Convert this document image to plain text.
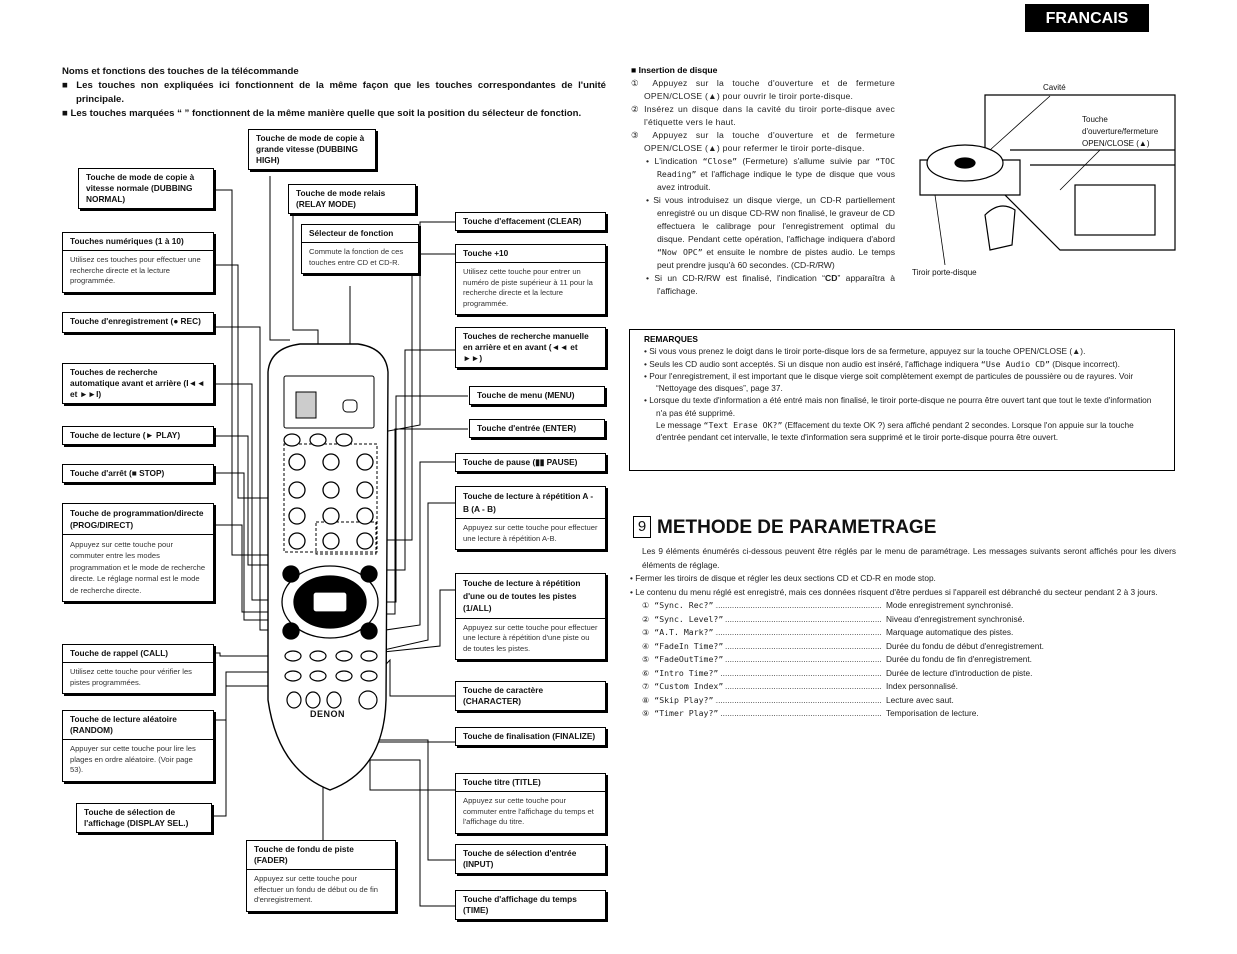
FRANCAIS
Noms et fonctions des touches de la télécommande
■ Les touches non expliquées ici fonctionnent de la même façon que les touches correspondantes de l'unité principale.
■ Les touches marquées “ ” fonctionnent de la même manière quelle que soit la position du sélecteur de fonction.
DENON
Touche de mode de copie à vitesse normale (DUBBING NORMAL)
Touches numériques (1 à 10)
Utilisez ces touches pour effectuer une recherche directe et la lecture programmée.
Touche d'enregistrement (● REC)
Touches de recherche automatique avant et arrière (I◄◄ et ►►I)
Touche de lecture (► PLAY)
Touche d'arrêt (■ STOP)
Touche de programmation/directe (PROG/DIRECT)
Appuyez sur cette touche pour commuter entre les modes programmation et le mode de recherche directe. Le réglage normal est le mode de recherche directe.
Touche de rappel (CALL)
Utilisez cette touche pour vérifier les pistes programmées.
Touche de lecture aléatoire (RANDOM)
Appuyer sur cette touche pour lire les plages en ordre aléatoire. (Voir page 53).
Touche de sélection de l'affichage (DISPLAY SEL.)
Touche de fondu de piste (FADER)
Appuyez sur cette touche pour effectuer un fondu de début ou de fin d'enregistrement.
Touche de mode de copie à grande vitesse (DUBBING HIGH)
Touche de mode relais (RELAY MODE)
Sélecteur de fonction
Commute la fonction de ces touches entre CD et CD-R.
Touche d'effacement (CLEAR)
Touche +10
Utilisez cette touche pour entrer un numéro de piste supérieur à 11 pour la recherche directe et la lecture programmée.
Touches de recherche manuelle en arrière et en avant (◄◄ et ►►)
Touche de menu (MENU)
Touche d'entrée (ENTER)
Touche de pause (▮▮ PAUSE)
Touche de lecture à répétition A - B (A - B)
Appuyez sur cette touche pour effectuer une lecture à répétition A-B.
Touche de lecture à répétition d'une ou de toutes les pistes (1/ALL)
Appuyez sur cette touche pour effectuer une lecture à répétition d'une piste ou de toutes les pistes.
Touche de caractère (CHARACTER)
Touche de finalisation (FINALIZE)
Touche titre (TITLE)
Appuyez sur cette touche pour commuter entre l'affichage du temps et l'affichage du titre.
Touche de sélection d'entrée (INPUT)
Touche d'affichage du temps (TIME)
■ Insertion de disque
① Appuyez sur la touche d'ouverture et de fermeture OPEN/CLOSE (▲) pour ouvrir le tiroir porte-disque.
② Insérez un disque dans la cavité du tiroir porte-disque avec l'étiquette vers le haut.
③ Appuyez sur la touche d'ouverture et de fermeture OPEN/CLOSE (▲) pour refermer le tiroir porte-disque.
• L'indication “Close” (Fermeture) s'allume suivie par “TOC Reading” et l'affichage indique le type de disque que vous avez introduit.
• Si vous introduisez un disque vierge, un CD-R partiellement enregistré ou un disque CD-RW non finalisé, le graveur de CD effectuera le calibrage pour l'enregistrement optimal du disque. Pendant cette opération, l'affichage indiquera d'abord “Now OPC” et ensuite le nombre de pistes audio. Le temps peut prendre jusqu'à 60 secondes. (CD-R/RW)
• Si un CD-R/RW est finalisé, l'indication “CD” apparaîtra à l'affichage.
Cavité
Touche d'ouverture/fermeture OPEN/CLOSE (▲)
Tiroir porte-disque
REMARQUES
• Si vous vous prenez le doigt dans le tiroir porte-disque lors de sa fermeture, appuyez sur la touche OPEN/CLOSE (▲).
• Seuls les CD audio sont acceptés. Si un disque non audio est inséré, l'affichage indiquera “Use Audio CD” (Disque incorrect).
• Pour l'enregistrement, il est important que le disque vierge soit complètement exempt de particules de poussière ou de rayures. Voir “Nettoyage des disques”, page 37.
• Lorsque du texte d'information a été entré mais non finalisé, le tiroir porte-disque ne pourra être ouvert tant que tout le texte d'information n'a pas été supprimé.
Le message “Text Erase OK?” (Effacement du texte OK ?) sera affiché pendant 2 secondes. Lorsque l'on appuie sur la touche d'entrée pendant cet intervalle, le texte d'information sera supprimé et le tiroir porte-disque pourra être ouvert.
9 METHODE DE PARAMETRAGE
Les 9 éléments énumérés ci-dessous peuvent être réglés par le menu de paramétrage. Les messages suivants seront affichés pour les divers éléments de réglage.
• Fermer les tiroirs de disque et régler les deux sections CD et CD-R en mode stop.
• Le contenu du menu réglé est enregistré, mais ces données risquent d'être perdues si l'appareil est débranché du secteur pendant 2 à 3 jours.
① “Sync. Rec?” .....	Mode enregistrement synchronisé.
② “Sync. Level?” .....	Niveau d'enregistrement synchronisé.
③ “A.T. Mark?” .....	Marquage automatique des pistes.
④ “FadeIn Time?” .....	Durée du fondu de début d'enregistrement.
⑤ “FadeOutTime?” .....	Durée du fondu de fin d'enregistrement.
⑥ “Intro Time?” .....	Durée de lecture d'introduction de piste.
⑦ “Custom Index” .....	Index personnalisé.
⑧ “Skip Play?” .....	Lecture avec saut.
⑨ “Timer Play?” .....	Temporisation de lecture.
